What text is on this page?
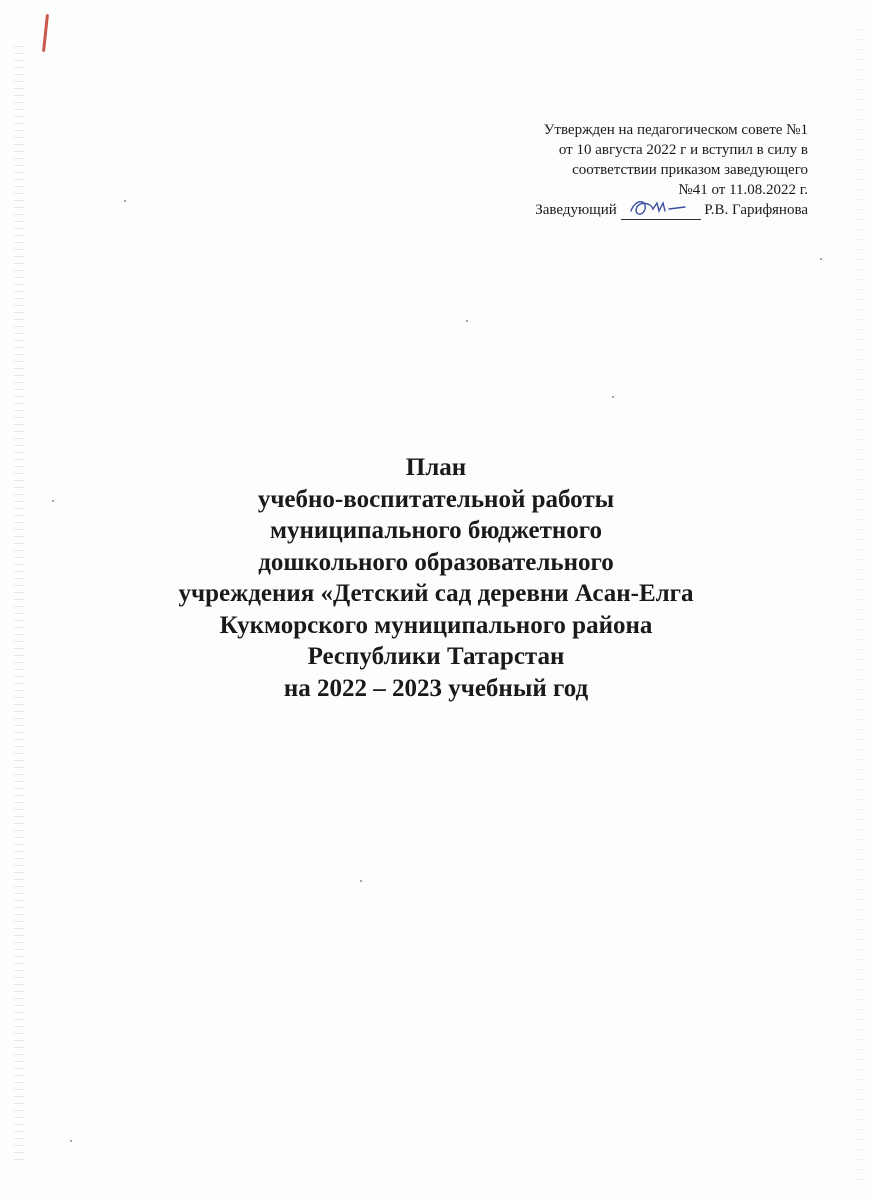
Утвержден на педагогическом совете №1
от 10 августа 2022 г и вступил в силу в
соответствии приказом заведующего
№41 от 11.08.2022 г.
Заведующий	Р.В. Гарифянова
План
учебно-воспитательной работы
муниципального бюджетного
дошкольного образовательного
учреждения «Детский сад деревни Асан-Елга
Кукморского муниципального района
Республики Татарстан
на 2022 – 2023 учебный год
